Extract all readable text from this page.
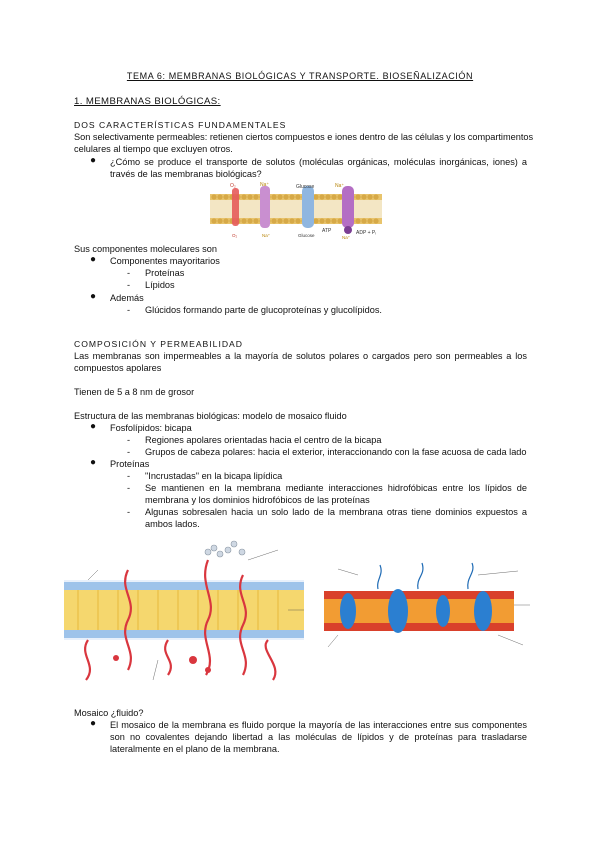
TEMA 6: MEMBRANAS BIOLÓGICAS Y TRANSPORTE. BIOSEÑALIZACIÓN
1. MEMBRANAS BIOLÓGICAS:
DOS CARACTERÍSTICAS FUNDAMENTALES
Son selectivamente permeables: retienen ciertos compuestos e iones dentro de las células y los compartimentos
celulares al tiempo que excluyen otros.
● ¿Cómo se produce el transporte de solutos (moléculas orgánicas, moléculas inorgánicas, iones) a
través de las membranas biológicas?
O₂	Na⁺	Glucose	Na⁺
O₂	Na⁺	Glucose
ATP	ADP + Pᵢ
Na⁺
Sus componentes moleculares son
● Componentes mayoritarios
- Proteínas
- Lípidos
● Además
- Glúcidos formando parte de glucoproteínas y glucolípidos.
COMPOSICIÓN Y PERMEABILIDAD
Las membranas son impermeables a la mayoría de solutos polares o cargados pero son permeables a los
compuestos apolares
Tienen de 5 a 8 nm de grosor
Estructura de las membranas biológicas: modelo de mosaico fluido
● Fosfolípidos: bicapa
- Regiones apolares orientadas hacia el centro de la bicapa
- Grupos de cabeza polares: hacia el exterior, interaccionando con la fase acuosa de cada lado
● Proteínas
- "Incrustadas" en la bicapa lipídica
- Se mantienen en la membrana mediante interacciones hidrofóbicas entre los lípidos de
membrana y los dominios hidrofóbicos de las proteínas
- Algunas sobresalen hacia un solo lado de la membrana otras tiene dominios expuestos a
ambos lados.
Mosaico ¿fluido?
● El mosaico de la membrana es fluido porque la mayoría de las interacciones entre sus componentes
son no covalentes dejando libertad a las moléculas de lípidos y de proteínas para trasladarse
lateralmente en el plano de la membrana.
